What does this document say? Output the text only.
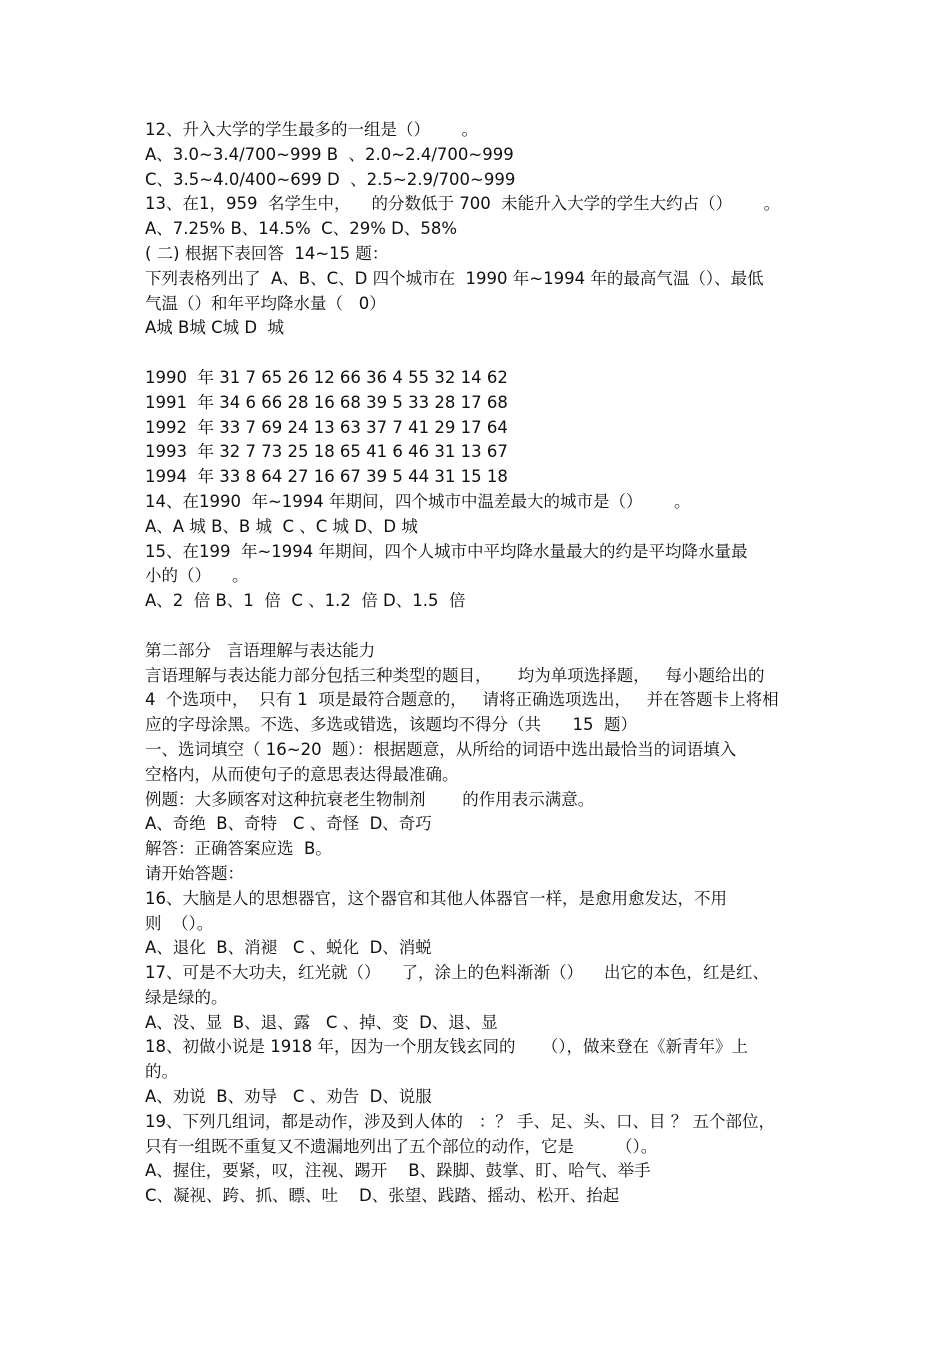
12、升入大学的学生最多的一组是（）      。
A、3.0~3.4/700~999 B  、2.0~2.4/700~999
C、3.5~4.0/400~699 D  、2.5~2.9/700~999
13、在1，959  名学生中，    的分数低于 700  未能升入大学的学生大约占（）      。
A、7.25% B、14.5%  C、29% D、58%
( 二) 根据下表回答  14~15 题：
下列表格列出了  A、B、C、D 四个城市在  1990 年~1994 年的最高气温（）、最低
气温（）和年平均降水量（   0）
A城 B城 C城 D  城
1990  年 31 7 65 26 12 66 36 4 55 32 14 62
1991  年 34 6 66 28 16 68 39 5 33 28 17 68
1992  年 33 7 69 24 13 63 37 7 41 29 17 64
1993  年 32 7 73 25 18 65 41 6 46 31 13 67
1994  年 33 8 64 27 16 67 39 5 44 31 15 18
14、在1990  年~1994 年期间，四个城市中温差最大的城市是（）      。
A、A 城 B、B 城  C 、C 城 D、D 城
15、在199  年~1994 年期间，四个人城市中平均降水量最大的约是平均降水量最
小的（）    。
A、2  倍 B、1  倍  C 、1.2  倍 D、1.5  倍
第二部分   言语理解与表达能力
言语理解与表达能力部分包括三种类型的题目，     均为单项选择题，   每小题给出的
4  个选项中，  只有 1  项是最符合题意的，   请将正确选项选出，   并在答题卡上将相
应的字母涂黑。不选、多选或错选，该题均不得分（共      15  题）
一、选词填空（ 16~20  题）：根据题意，从所给的词语中选出最恰当的词语填入
空格内，从而使句子的意思表达得最准确。
例题：大多顾客对这种抗衰老生物制剂       的作用表示满意。
A、奇绝  B、奇特   C 、奇怪  D、奇巧
解答：正确答案应选  B。
请开始答题：
16、大脑是人的思想器官，这个器官和其他人体器官一样，是愈用愈发达，不用
则  （）。
A、退化  B、消褪   C 、蜕化  D、消蜕
17、可是不大功夫，红光就（）    了，涂上的色料渐渐（）    出它的本色，红是红、
绿是绿的。
A、没、显  B、退、露   C 、掉、变  D、退、显
18、初做小说是 1918 年，因为一个朋友钱玄同的     （），做来登在《新青年》上
的。
A、劝说  B、劝导   C 、劝告  D、说服
19、下列几组词，都是动作，涉及到人体的   ：？ 手、足、头、口、目 ？ 五个部位，
只有一组既不重复又不遗漏地列出了五个部位的动作，它是        （）。
A、握住，要紧，叹，注视、踢开    B、跺脚、鼓掌、盯、哈气、举手
C、凝视、跨、抓、瞟、吐    D、张望、践踏、摇动、松开、抬起
